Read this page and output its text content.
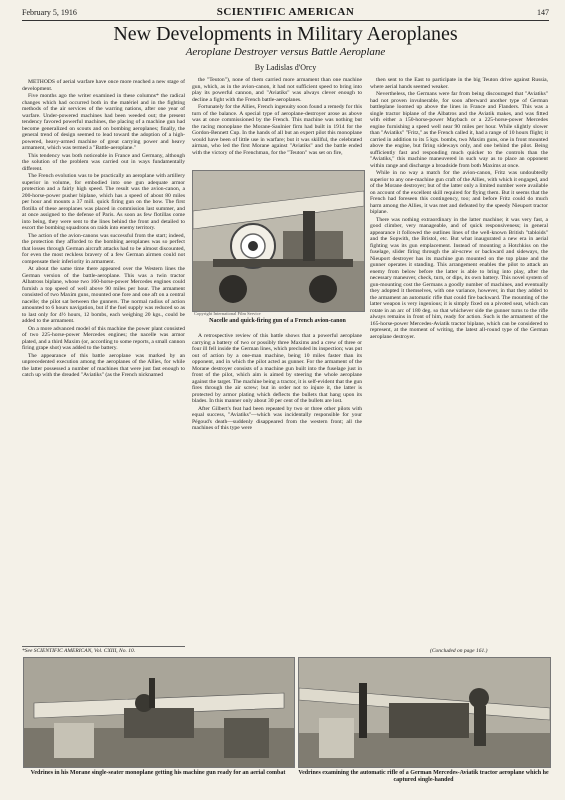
February 5, 1916	SCIENTIFIC AMERICAN	147
New Developments in Military Aeroplanes
Aeroplane Destroyer versus Battle Aeroplane
By Ladislas d'Orcy

METHODS of aerial warfare have once more reached a new stage of development.

Five months ago the writer examined in these columns* the radical changes which had occurred both in the matériel and in the fighting methods of the air services of the warring nations, after one year of warfare. Under-powered machines had been weeded out; the present tendency favored powerful machines, the placing of a machine gun had become generalized on scouts and on bombing aeroplanes; finally, the general trend of design seemed to lead toward the adoption of a high-powered, heavy-armed machine of great carrying power and heavy armament, which was termed a "Battle-aeroplane."

This tendency was both noticeable in France and Germany, although the solution of the problem was carried out in ways fundamentally different.

The French evolution was to be practically an aeroplane with artillery superior in volume, for embodied into one gun adequate armor protection and a fairly high speed. The result was the avion-canon, a 200-horse-power pusher biplane, which has a speed of about 80 miles per hour and mounts a 37 mill. quick firing gun on the bow. The first flotilla of these aeroplanes was placed in commission last summer, and at once assigned to the defense of Paris. As soon as few flotillas come into being, they were sent to the lines behind the front and detailed to escort the bombing squadrons on raids into enemy territory.

The action of the avion-canons was successful from the start; indeed, the protection they afforded to the bombing aeroplanes was so perfect that losses through German aircraft attacks had to be almost discounted, for even the most reckless bravery of a few German airmen could not compensate their inferiority in armament.

At about the same time there appeared over the Western lines the German version of the battle-aeroplane. This was a twin tractor Albatross biplane, whose two 160-horse-power Mercedes engines could furnish a top speed of well above 90 miles per hour. The armament consisted of two Maxim guns, mounted one fore and one aft on a central nacelle; the pilot sat between the gunners. The normal radius of action amounted to 6 hours navigation, but if the fuel supply was reduced so as to last only for 4½ hours, 12 bombs, each weighing 20 kgs., could be added to the armament.

On a more advanced model of this machine the power plant consisted of two 225-horse-power Mercedes engines; the nacelle was armor plated, and a third Maxim (or, according to some reports, a small cannon firing grape shot) was added to the battery.

The appearance of this battle aeroplane was marked by an unprecedented execution among the aeroplanes of the Allies, for while the latter possessed a number of machines that were just fast enough to catch up with the dreaded "Aviatiks" (as the French nicknamed

*See SCIENTIFIC AMERICAN, Vol. CXIII, No. 10.

the "Teuton"), none of them carried more armament than one machine gun, which, as in the avion-canon, it had not sufficient speed to bring into play its powerful cannon, and "Aviatiks" was always clever enough to decline a fight with the French battle-aeroplanes.

Fortunately for the Allies, French ingenuity soon found a remedy for this turn of the balance. A special type of aeroplane-destroyer arose as above was at once commissioned by the French. This machine was nothing but the racing monoplane the Morane-Saulnier firm had built in 1914 for the Gordon-Bennett Cup. In the hands of all but an expert pilot this monoplane would have been of little use in warfare; but it was skillful, the celebrated airman, who led the first Morane against "Aviatiks" and the battle ended with the victory of the Frenchman, for the "Teuton" was set on fire,

Copyright International Film Service
Nacelle and quick-firing gun of a French avion-canon

A retrospective review of this battle shows that a powerful aeroplane carrying a battery of two or possibly three Maxims and a crew of three or four ill fell inside the German lines, which precluded its inspection; was put out of action by a one-man machine, being 10 miles faster than its opponent, and in which the pilot acted as gunner. For the armament of the Morane destroyer consists of a machine gun built into the fuselage just in front of the pilot, which aim is aimed by steering the whole aeroplane against the target. The machine being a tractor, it is self-evident that the gun fires through the air screw; but in order not to injure it, the latter is protected by armor plating which deflects the bullets that hang upon its blades. In this manner only about 30 per cent of the bullets are lost.

After Gilbert's feat had been repeated by two or three other pilots with equal success, "Aviatiks"—which was incidentally responsible for your Pégoud's death—suddenly disappeared from the western front; all the machines of this type were

then sent to the East to participate in the big Teuton drive against Russia, where aerial hands seemed weaker.

Nevertheless, the Germans were far from being discouraged that "Aviatiks" had not proven invulnerable, for soon afterward another type of German battleplane loomed up above the lines in France and Flanders. This was a single tractor biplane of the Albatros and the Aviatik makes, and was fitted with either a 150-horse-power Maybach or a 225-horse-power Mercedes engine furnishing a speed well near 90 miles per hour. While slightly slower than "Aviatiks" "Fritz," as the French called it, had a range of 10 hours flight; it carried in addition to its 5 kgs. bombs, two Maxim guns, one in front mounted above the engine, but firing sideways only, and one behind the pilot. Being sufficiently fast and responding much quicker to the controls than the "Aviatiks," this machine maneuvered in such way as to place an opponent within range and discharge a broadside from both Maxims at once.

While in no way a match for the avion-canon, Fritz was undoubtedly superior to any one-machine gun craft of the Allies, with which it engaged, and of the Morane destroyer; but of the latter only a limited number were available on account of the excellent skill required for flying them. But it seems that the French had foreseen this contingency, too; and before Fritz could do much harm among the Allies, it was met and defeated by the speedy Nieuport tractor biplane.

There was nothing extraordinary in the latter machine; it was very fast, a good climber, very manageable, and of quick responsiveness; in general appearance it followed the outlines lines of the well-known British "tabloids" and the Sopwith, the Bristol, etc. But what inaugurated a new era in aerial fighting was its gun emplacement. Instead of mounting a Hotchkiss on the fuselage, slider firing through the air-screw or backward and sideways, the Nieuport destroyer has its machine gun mounted on the top plane and the gunner operates it standing. This arrangement enables the pilot to attack an enemy from below before the latter is able to bring into play, after the necessary maneuver, check, turn, or dips, its own battery. This novel system of gun-mounting cost the Germans a goodly number of machines, and eventually they adopted it themselves, with one variance, however, in that they added to the armament an automatic rifle that could fire backward. The mounting of the latter weapon is very ingenious; it is simply fixed on a pivoted seat, which can rotate in an arc of 180 deg. so that whichever side the gunner turns to the rifle always remains in front of him, ready for action. Such is the armament of the 165-horse-power Mercedes-Aviatik tractor biplane, which can be considered to represent, at the moment of writing, the latest all-round type of the German aeroplane destroyer.

(Concluded on page 161.)
Vedrines in his Morane single-seater monoplane getting his machine gun ready for an aerial combat	Vedrines examining the automatic rifle of a German Mercedes-Aviatik tractor aeroplane which he captured single-handed
